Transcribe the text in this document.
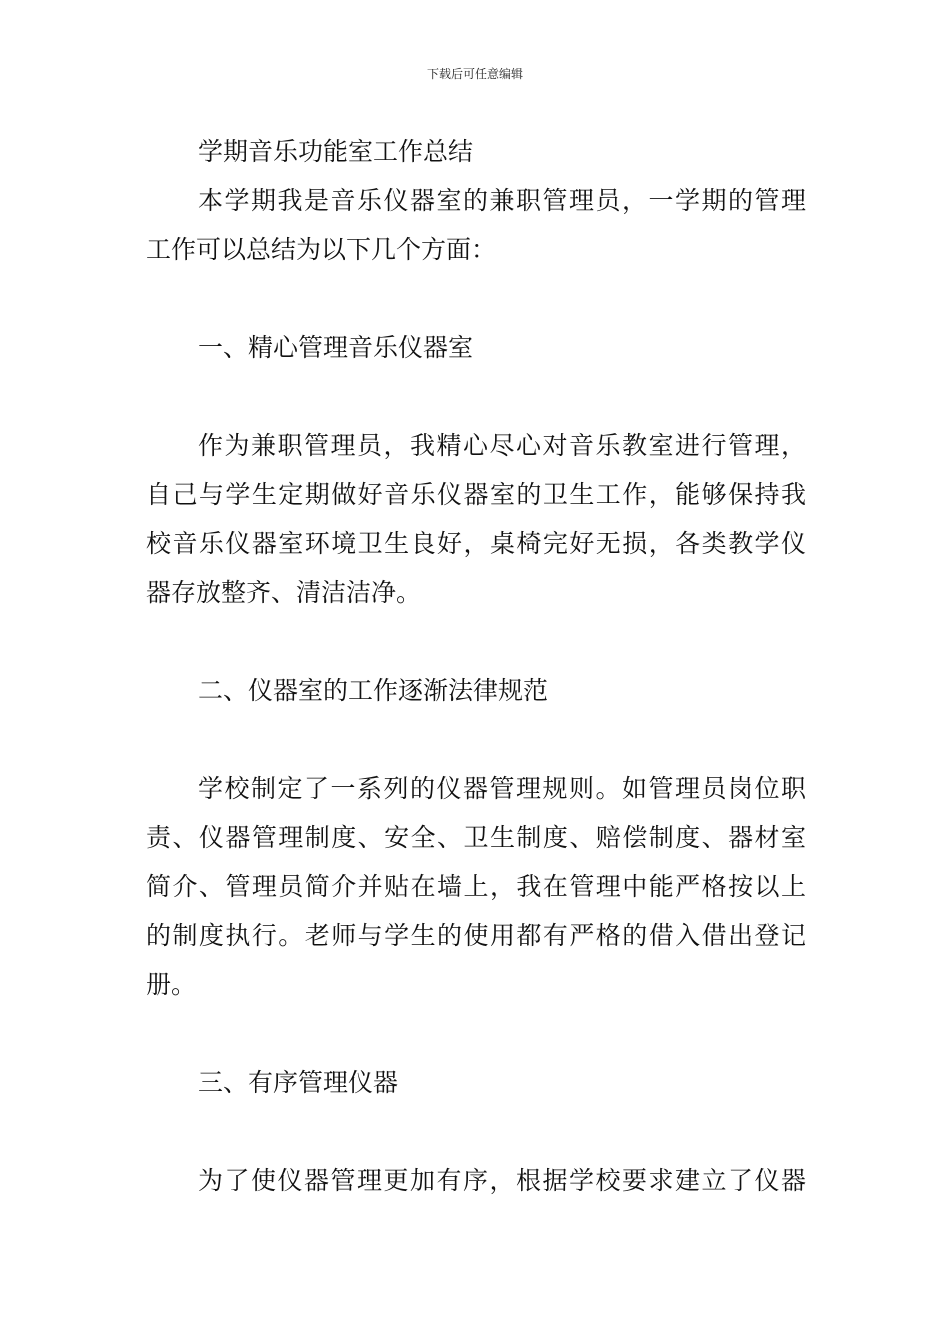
下载后可任意编辑
学期音乐功能室工作总结
本学期我是音乐仪器室的兼职管理员，一学期的管理
工作可以总结为以下几个方面：
一、精心管理音乐仪器室
作为兼职管理员，我精心尽心对音乐教室进行管理，
自己与学生定期做好音乐仪器室的卫生工作，能够保持我
校音乐仪器室环境卫生良好，桌椅完好无损，各类教学仪
器存放整齐、清洁洁净。
二、仪器室的工作逐渐法律规范
学校制定了一系列的仪器管理规则。如管理员岗位职
责、仪器管理制度、安全、卫生制度、赔偿制度、器材室
简介、管理员简介并贴在墙上，我在管理中能严格按以上
的制度执行。老师与学生的使用都有严格的借入借出登记
册。
三、有序管理仪器
为了使仪器管理更加有序，根据学校要求建立了仪器
